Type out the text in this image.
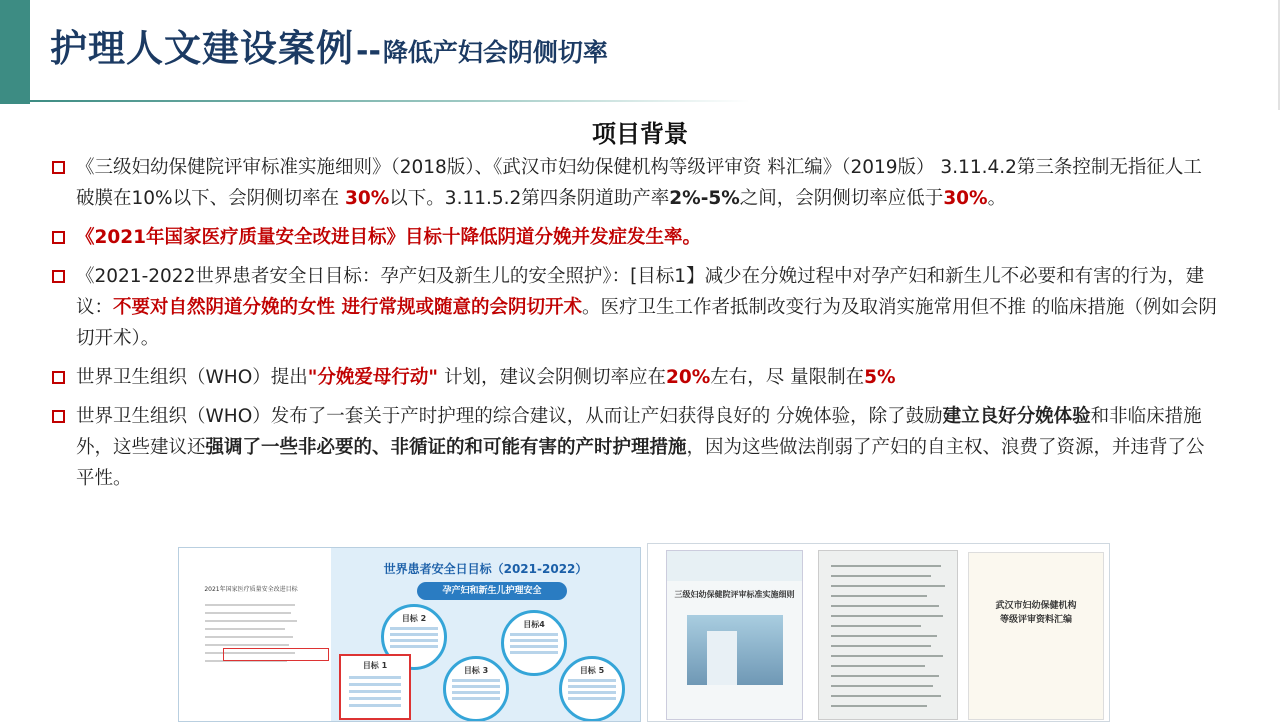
护理人文建设案例 -- 降低产妇会阴侧切率
项目背景
《三级妇幼保健院评审标准实施细则》（2018版）、《武汉市妇幼保健机构等级评审资 料汇编》（2019版） 3.11.4.2第三条控制无指征人工破膜在10%以下、会阴侧切率在 30%以下。3.11.5.2第四条阴道助产率2%-5%之间，会阴侧切率应低于30%。
《2021年国家医疗质量安全改进目标》目标十降低阴道分娩并发症发生率。
《2021-2022世界患者安全日目标：孕产妇及新生儿的安全照护》：[目标1】减少在分娩过程中对孕产妇和新生儿不必要和有害的行为，建议：不要对自然阴道分娩的女性 进行常规或随意的会阴切开术。医疗卫生工作者抵制改变行为及取消实施常用但不推 的临床措施（例如会阴切开术）。
世界卫生组织（WHO）提出"分娩爱母行动" 计划，建议会阴侧切率应在20%左右，尽 量限制在5%
世界卫生组织（WHO）发布了一套关于产时护理的综合建议，从而让产妇获得良好的 分娩体验，除了鼓励建立良好分娩体验和非临床措施外，这些建议还强调了一些非必要的、非循证的和可能有害的产时护理措施，因为这些做法削弱了产妇的自主权、浪费了资源，并违背了公平性。
2021年国家医疗质量安全改进目标
世界患者安全日目标（2021-2022）
孕产妇和新生儿护理安全
目标 2
目标4
目标 3	目标 5
目标 1
三级妇幼保健院评审标准实施细则
武汉市妇幼保健机构
等级评审资料汇编
